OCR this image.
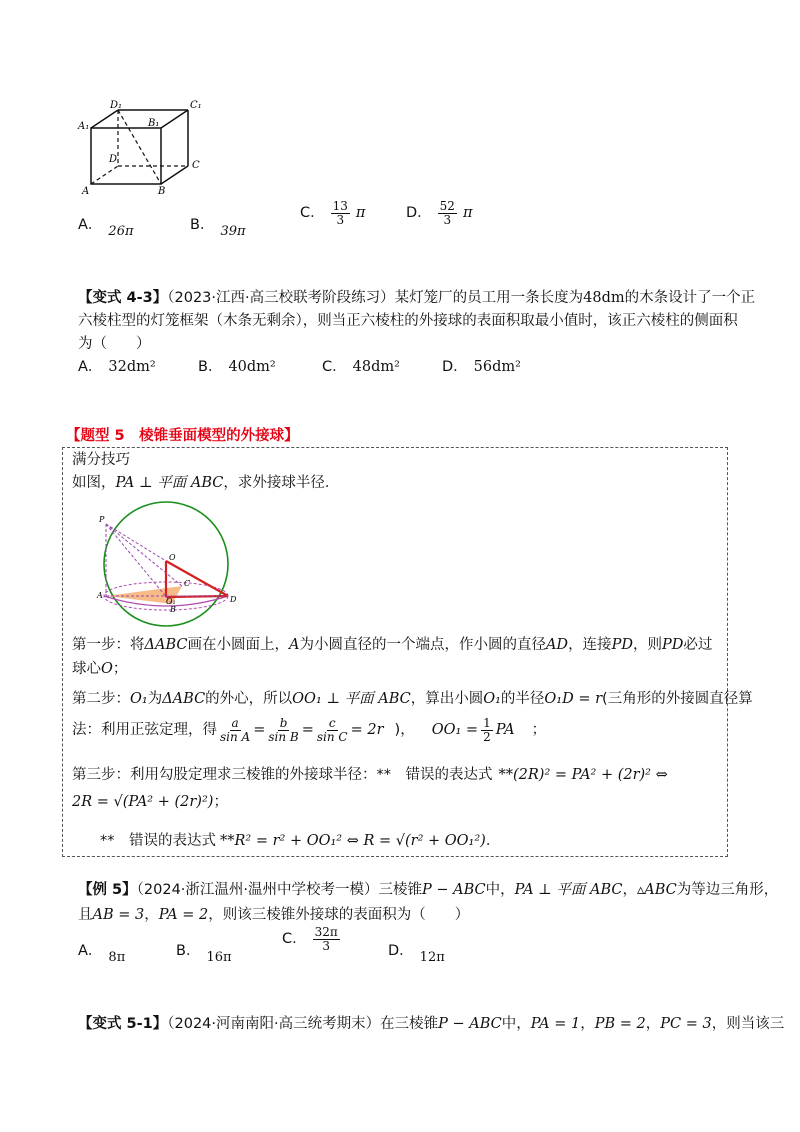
D₁	C₁
A₁	B₁
D
C
A	B
A． 26π	B． 39π
C． $\frac{13}{3}$ π	D． $\frac{52}{3}$ π
【变式 4-3】（2023·江西·高三校联考阶段练习）某灯笼厂的员工用一条长度为48dm的木条设计了一个正
六棱柱型的灯笼框架（木条无剩余），则当正六棱柱的外接球的表面积取最小值时，该正六棱柱的侧面积
为（　　）
A． 32dm²	B． 40dm²	C． 48dm²	D． 56dm²
【题型 5　棱锥垂面模型的外接球】
满分技巧
如图，PA ⊥ 平面 ABC，求外接球半径．
P
O
C
A
O₁
B
D
第一步：将ΔABC画在小圆面上，A为小圆直径的一个端点，作小圆的直径AD，连接PD，则PD必过
球心O；
第二步：O₁为ΔABC的外心，所以OO₁ ⊥ 平面 ABC，算出小圆O₁的半径O₁D = r(三角形的外接圆直径算
法：利用正弦定理，得 $\frac{a}{\text{sin A}} = \frac{b}{\text{sin B}} = \frac{c}{\text{sin C}} = 2r$ )， $OO_1 = \frac{1}{2}$ PA ；
第三步：利用勾股定理求三棱锥的外接球半径：**　错误的表达式 **(2R)² = PA² + (2r)² ⇔
2R = √(PA² + (2r)²)；
**　错误的表达式 **R² = r² + OO₁² ⇔ R = √(r² + OO₁²)．
【例 5】（2024·浙江温州·温州中学校考一模）三棱锥P − ABC中，PA ⊥ 平面 ABC，▵ABC为等边三角形，
且AB = 3，PA = 2，则该三棱锥外接球的表面积为（　　）
A． 8π	B． 16π
C． $\frac{32\pi}{3}$	D． 12π
【变式 5-1】（2024·河南南阳·高三统考期末）在三棱锥P − ABC中，PA = 1，PB = 2，PC = 3，则当该三
